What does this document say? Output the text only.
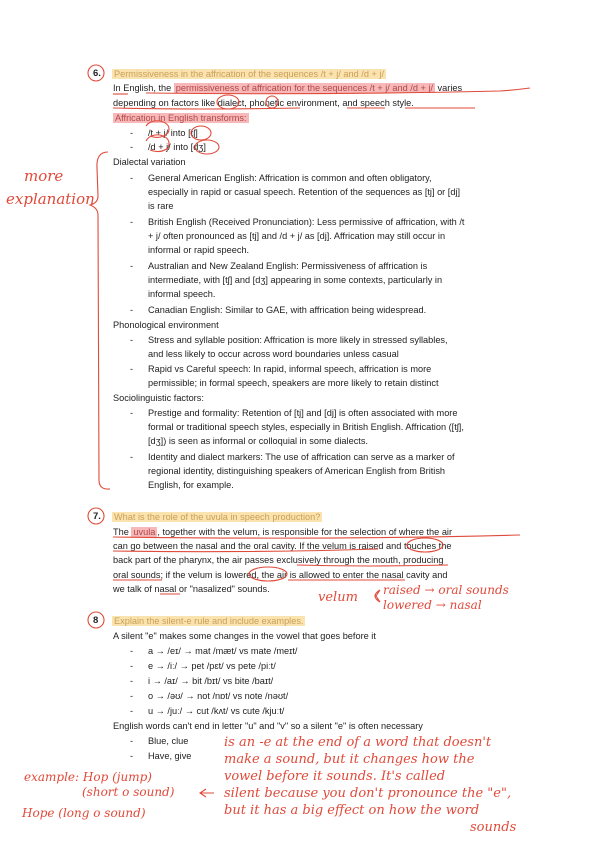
6. Permissiveness in the affrication of the sequences /t + j/ and /d + j/
In English, the permissiveness of affrication for the sequences /t + j/ and /d + j/ varies
depending on factors like dialect, phonetic environment, and speech style.
Affrication in English transforms:
- /t + j/ into [tʃ]
- /d + j/ into [dʒ]
Dialectal variation
- General American English: Affrication is common and often obligatory,
especially in rapid or casual speech. Retention of the sequences as [tj] or [dj]
is rare
- British English (Received Pronunciation): Less permissive of affrication, with /t
+ j/ often pronounced as [tj] and /d + j/ as [dj]. Affrication may still occur in
informal or rapid speech.
- Australian and New Zealand English: Permissiveness of affrication is
intermediate, with [tʃ] and [dʒ] appearing in some contexts, particularly in
informal speech.
- Canadian English: Similar to GAE, with affrication being widespread.
Phonological environment
- Stress and syllable position: Affrication is more likely in stressed syllables,
and less likely to occur across word boundaries unless casual
- Rapid vs Careful speech: In rapid, informal speech, affrication is more
permissible; in formal speech, speakers are more likely to retain distinct
Sociolinguistic factors:
- Prestige and formality: Retention of [tj] and [dj] is often associated with more
formal or traditional speech styles, especially in British English. Affrication ([tʃ],
[dʒ]) is seen as informal or colloquial in some dialects.
- Identity and dialect markers: The use of affrication can serve as a marker of
regional identity, distinguishing speakers of American English from British
English, for example.
7. What is the role of the uvula in speech production?
The uvula , together with the velum, is responsible for the selection of where the air
can go between the nasal and the oral cavity. If the velum is raised and touches the
back part of the pharynx, the air passes exclusively through the mouth, producing
oral sounds; if the velum is lowered, the air is allowed to enter the nasal cavity and
we talk of nasal or "nasalized" sounds.
8 Explain the silent-e rule and include examples.
A silent "e" makes some changes in the vowel that goes before it
- a → /eɪ/ → mat /mæt/ vs mate /meɪt/
- e → /iː/ → pet /pɛt/ vs pete /piːt/
- i → /aɪ/ → bit /bɪt/ vs bite /baɪt/
- o → /əʊ/ → not /nɒt/ vs note /nəʊt/
- u → /juː/ → cut /kʌt/ vs cute /kjuːt/
English words can't end in letter "u" and "v" so a silent "e" is often necessary
- Blue, clue
- Have, give
more
explanation
velum raised → oral sounds
lowered → nasal
is an -e at the end of a word that doesn't
make a sound, but it changes how the
vowel before it sounds. It's called
silent because you don't pronounce the "e",
but it has a big effect on how the word
sounds
example: Hop (jump)
(short o sound)
Hope (long o sound)
